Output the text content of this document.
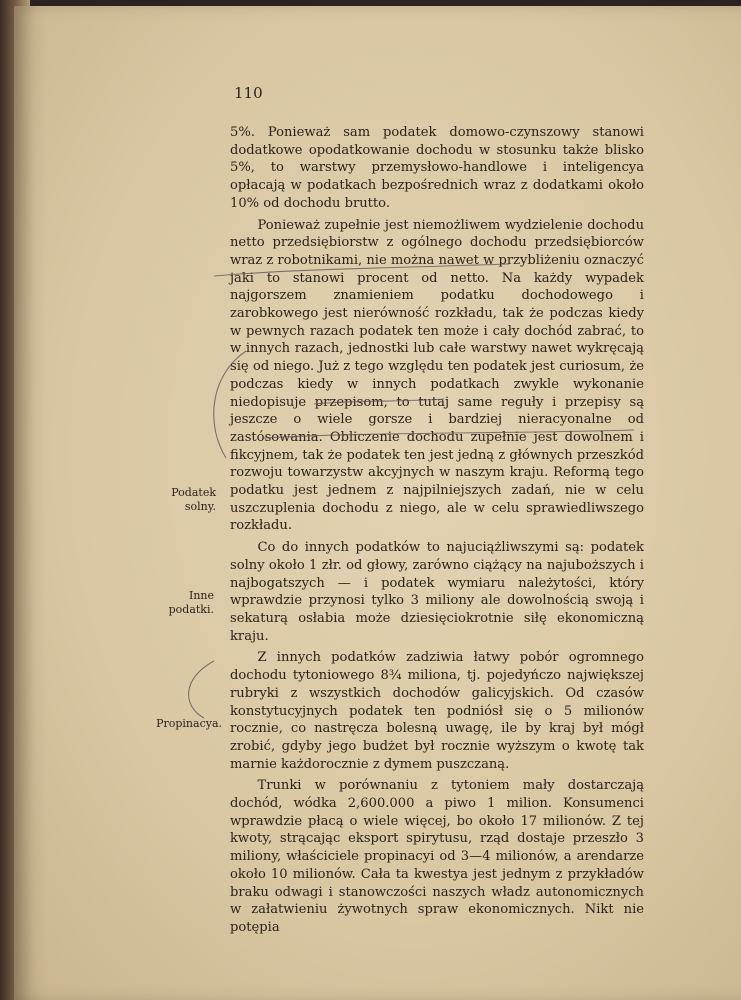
110
Podatek solny.
Inne podatki.
Propinacya.

5%. Ponieważ sam podatek domowo-czynszowy stanowi dodatkowe opodatkowanie dochodu w stosunku także blisko 5%, to warstwy przemysłowo-handlowe i inteligencya opłacają w podatkach bezpośrednich wraz z dodatkami około 10% od dochodu brutto.

Ponieważ zupełnie jest niemożliwem wydzielenie dochodu netto przedsiębiorstw z ogólnego dochodu przedsiębiorców wraz z robotnikami, nie można nawet w przybliżeniu oznaczyć jaki to stanowi procent od netto. Na każdy wypadek najgorszem znamieniem podatku dochodowego i zarobkowego jest nierówność rozkładu, tak że podczas kiedy w pewnych razach podatek ten może i cały dochód zabrać, to w innych razach, jednostki lub całe warstwy nawet wykręcają się od niego. Już z tego względu ten podatek jest curiosum, że podczas kiedy w innych podatkach zwykle wykonanie niedopisuje przepisom, to tutaj same reguły i przepisy są jeszcze o wiele gorsze i bardziej nieracyonalne od zastósowania. Obliczenie dochodu zupełnie jest dowolnem i fikcyjnem, tak że podatek ten jest jedną z głównych przeszkód rozwoju towarzystw akcyjnych w naszym kraju. Reformą tego podatku jest jednem z najpilniejszych zadań, nie w celu uszczuplenia dochodu z niego, ale w celu sprawiedliwszego rozkładu.

Co do innych podatków to najuciążliwszymi są: podatek solny około 1 złr. od głowy, zarówno ciążący na najuboższych i najbogatszych — i podatek wymiaru należytości, który wprawdzie przynosi tylko 3 miliony ale dowolnością swoją i sekaturą osłabia może dziesięciokrotnie siłę ekonomiczną kraju.

Z innych podatków zadziwia łatwy pobór ogromnego dochodu tytoniowego 8¾ miliona, tj. pojedyńczo największej rubryki z wszystkich dochodów galicyjskich. Od czasów konstytucyjnych podatek ten podniósł się o 5 milionów rocznie, co nastręcza bolesną uwagę, ile by kraj był mógł zrobić, gdyby jego budżet był rocznie wyższym o kwotę tak marnie każdorocznie z dymem puszczaną.

Trunki w porównaniu z tytoniem mały dostarczają dochód, wódka 2,600.000 a piwo 1 milion. Konsumenci wprawdzie płacą o wiele więcej, bo około 17 milionów. Z tej kwoty, strącając eksport spirytusu, rząd dostaje przeszło 3 miliony, właściciele propinacyi od 3—4 milionów, a arendarze około 10 milionów. Cała ta kwestya jest jednym z przykładów braku odwagi i stanowczości naszych władz autonomicznych w załatwieniu żywotnych spraw ekonomicznych. Nikt nie potępia
